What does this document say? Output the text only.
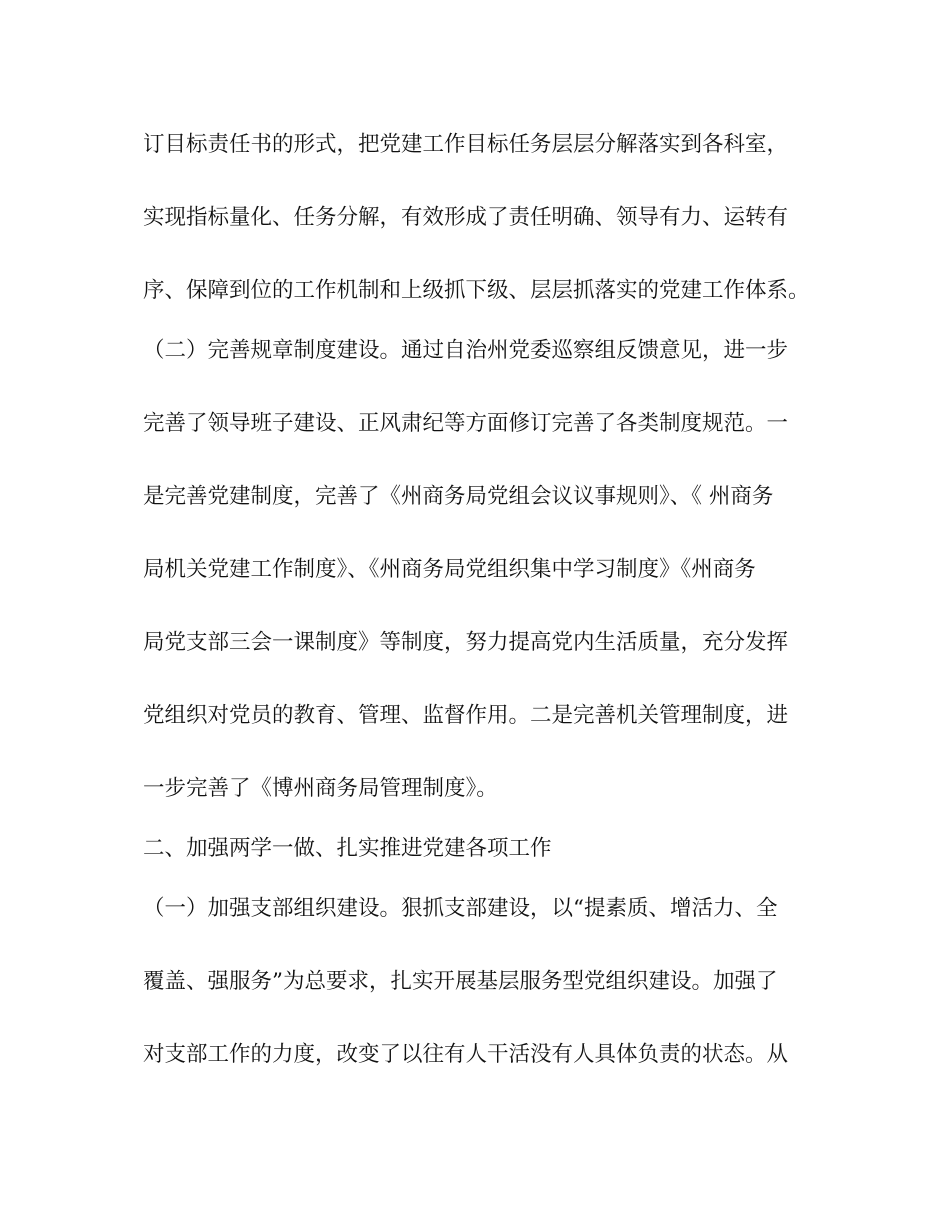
订目标责任书的形式，把党建工作目标任务层层分解落实到各科室，
实现指标量化、任务分解，有效形成了责任明确、领导有力、运转有
序、保障到位的工作机制和上级抓下级、层层抓落实的党建工作体系。
（二）完善规章制度建设。通过自治州党委巡察组反馈意见，进一步
完善了领导班子建设、正风肃纪等方面修订完善了各类制度规范。一
是完善党建制度，完善了《州商务局党组会议议事规则》、《 州商务
局机关党建工作制度》、《州商务局党组织集中学习制度》《州商务
局党支部三会一课制度》等制度，努力提高党内生活质量，充分发挥
党组织对党员的教育、管理、监督作用。二是完善机关管理制度，进
一步完善了《博州商务局管理制度》。
二、加强两学一做、扎实推进党建各项工作
（一）加强支部组织建设。狠抓支部建设，以“提素质、增活力、全
覆盖、强服务”为总要求，扎实开展基层服务型党组织建设。加强了
对支部工作的力度，改变了以往有人干活没有人具体负责的状态。从
